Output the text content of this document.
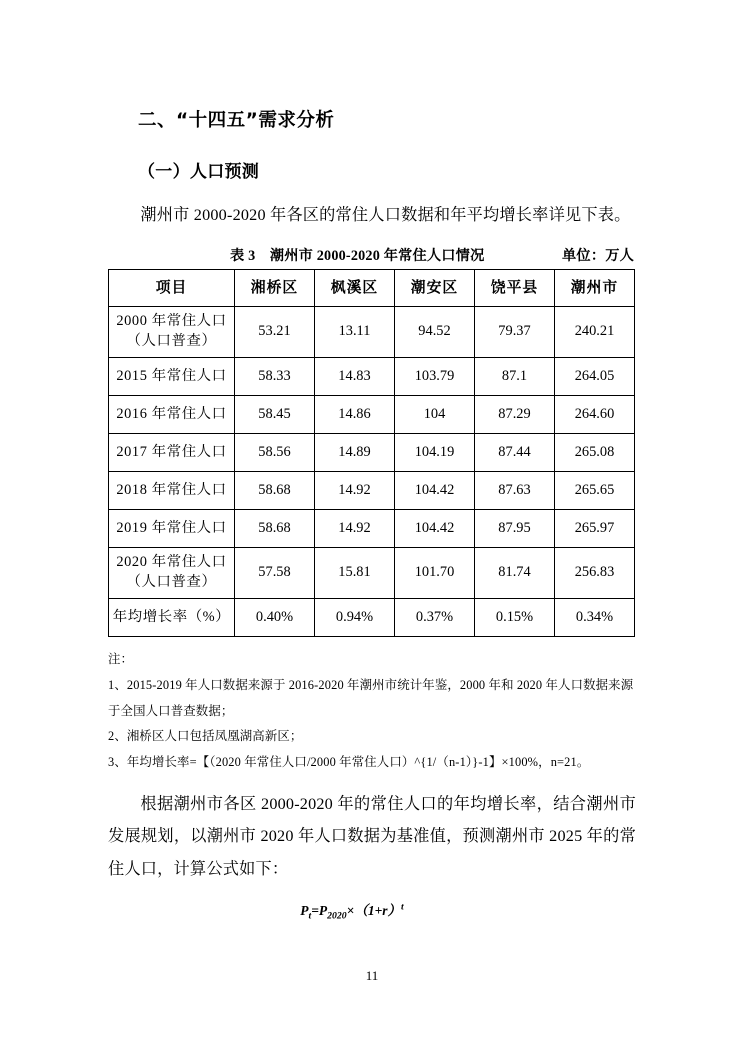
二、“十四五”需求分析
（一）人口预测

潮州市 2000-2020 年各区的常住人口数据和年平均增长率详见下表。

表 3　潮州市 2000-2020 年常住人口情况	单位：万人
项目	湘桥区	枫溪区	潮安区	饶平县	潮州市

2000 年常住人口
（人口普查）	53.21	13.11	94.52	79.37	240.21
2015 年常住人口	58.33	14.83	103.79	87.1	264.05
2016 年常住人口	58.45	14.86	104	87.29	264.60
2017 年常住人口	58.56	14.89	104.19	87.44	265.08
2018 年常住人口	58.68	14.92	104.42	87.63	265.65
2019 年常住人口	58.68	14.92	104.42	87.95	265.97

2020 年常住人口
（人口普查）	57.58	15.81	101.70	81.74	256.83
年均增长率（%）	0.40%	0.94%	0.37%	0.15%	0.34%
注：
1、2015-2019 年人口数据来源于 2016-2020 年潮州市统计年鉴，2000 年和 2020 年人口数据来源于全国人口普查数据；
2、湘桥区人口包括凤凰湖高新区；
3、年均增长率=【（2020 年常住人口/2000 年常住人口）^{1/（n-1）}-1】×100%，n=21。

根据潮州市各区 2000-2020 年的常住人口的年均增长率，结合潮州市发展规划，以潮州市 2020 年人口数据为基准值，预测潮州市 2025 年的常住人口，计算公式如下：

$P_t=P_{2020}\times(1+r)^t$
11
